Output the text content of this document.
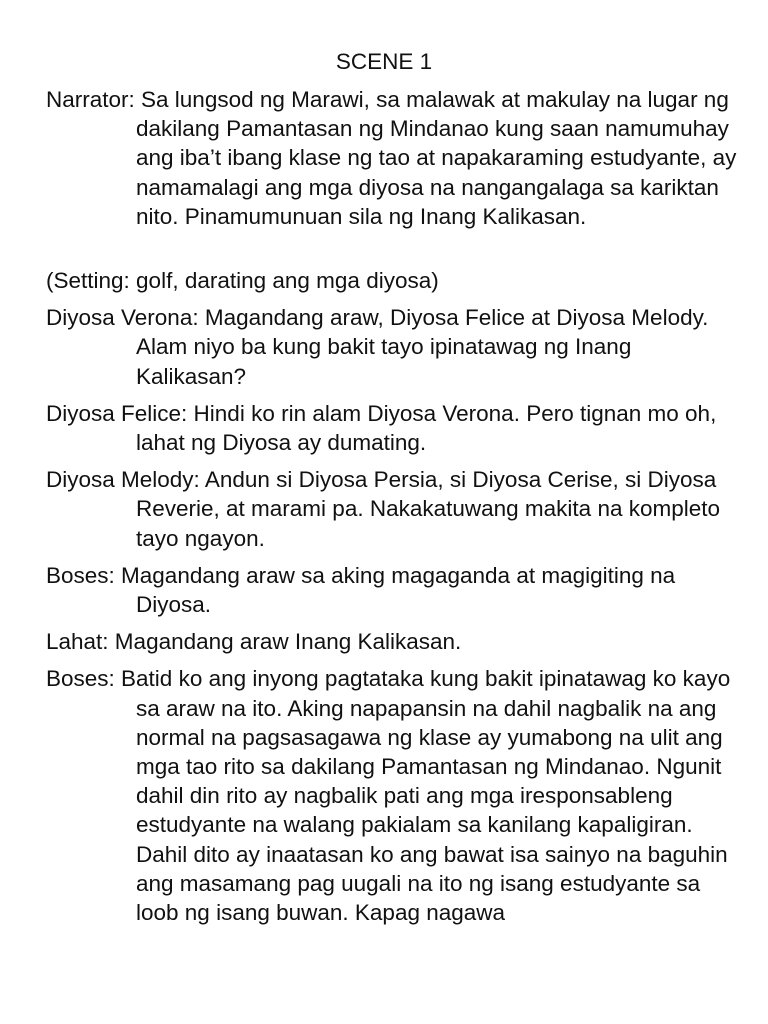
SCENE 1

Narrator: Sa lungsod ng Marawi, sa malawak at makulay na lugar ng dakilang Pamantasan ng Mindanao kung saan namumuhay ang iba’t ibang klase ng tao at napakaraming estudyante, ay namamalagi ang mga diyosa na nangangalaga sa kariktan nito. Pinamumunuan sila ng Inang Kalikasan.

(Setting: golf, darating ang mga diyosa)

Diyosa Verona: Magandang araw, Diyosa Felice at Diyosa Melody. Alam niyo ba kung bakit tayo ipinatawag ng Inang Kalikasan?

Diyosa Felice: Hindi ko rin alam Diyosa Verona. Pero tignan mo oh, lahat ng Diyosa ay dumating.

Diyosa Melody: Andun si Diyosa Persia, si Diyosa Cerise, si Diyosa Reverie, at marami pa. Nakakatuwang makita na kompleto tayo ngayon.

Boses: Magandang araw sa aking magaganda at magigiting na Diyosa.

Lahat: Magandang araw Inang Kalikasan.

Boses: Batid ko ang inyong pagtataka kung bakit ipinatawag ko kayo sa araw na ito. Aking napapansin na dahil nagbalik na ang normal na pagsasagawa ng klase ay yumabong na ulit ang mga tao rito sa dakilang Pamantasan ng Mindanao. Ngunit dahil din rito ay nagbalik pati ang mga iresponsableng estudyante na walang pakialam sa kanilang kapaligiran. Dahil dito ay inaatasan ko ang bawat isa sainyo na baguhin ang masamang pag uugali na ito ng isang estudyante sa loob ng isang buwan. Kapag nagawa
